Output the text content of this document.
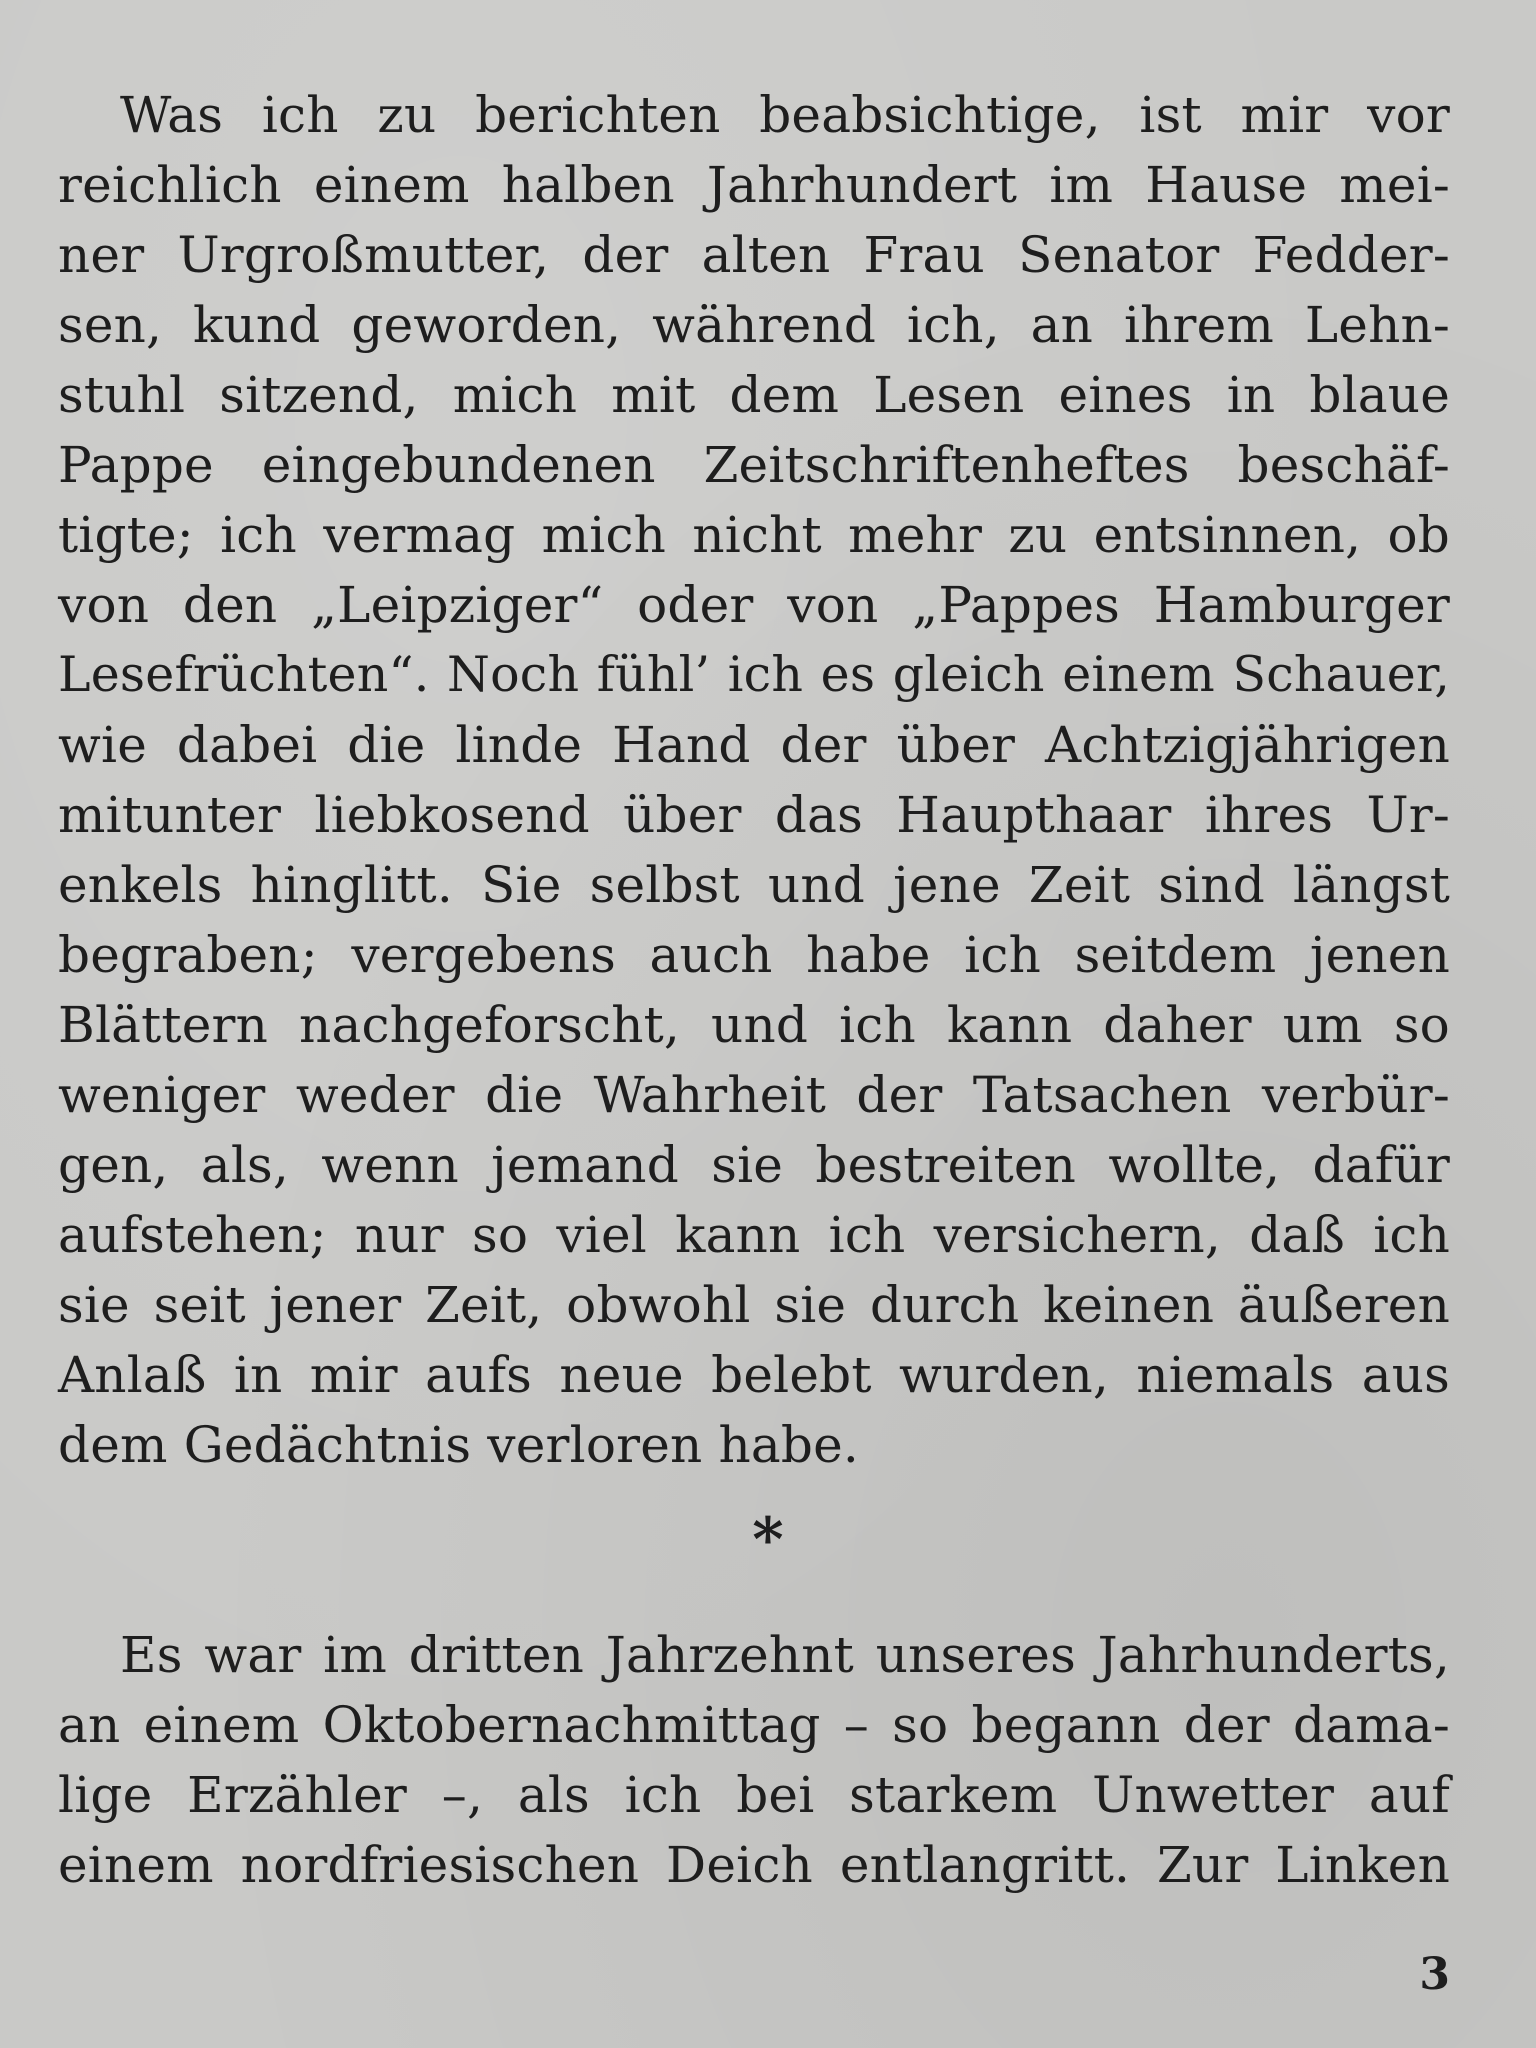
Was ich zu berichten beabsichtige, ist mir vor
reichlich einem halben Jahrhundert im Hause mei-
ner Urgroßmutter, der alten Frau Senator Fedder-
sen, kund geworden, während ich, an ihrem Lehn-
stuhl sitzend, mich mit dem Lesen eines in blaue
Pappe eingebundenen Zeitschriftenheftes beschäf-
tigte; ich vermag mich nicht mehr zu entsinnen, ob
von den „Leipziger“ oder von „Pappes Hamburger
Lesefrüchten“. Noch fühl’ ich es gleich einem Schauer,
wie dabei die linde Hand der über Achtzigjährigen
mitunter liebkosend über das Haupthaar ihres Ur-
enkels hinglitt. Sie selbst und jene Zeit sind längst
begraben; vergebens auch habe ich seitdem jenen
Blättern nachgeforscht, und ich kann daher um so
weniger weder die Wahrheit der Tatsachen verbür-
gen, als, wenn jemand sie bestreiten wollte, dafür
aufstehen; nur so viel kann ich versichern, daß ich
sie seit jener Zeit, obwohl sie durch keinen äußeren
Anlaß in mir aufs neue belebt wurden, niemals aus
dem Gedächtnis verloren habe.
*
Es war im dritten Jahrzehnt unseres Jahrhunderts,
an einem Oktobernachmittag – so begann der dama-
lige Erzähler –, als ich bei starkem Unwetter auf
einem nordfriesischen Deich entlangritt. Zur Linken
3
